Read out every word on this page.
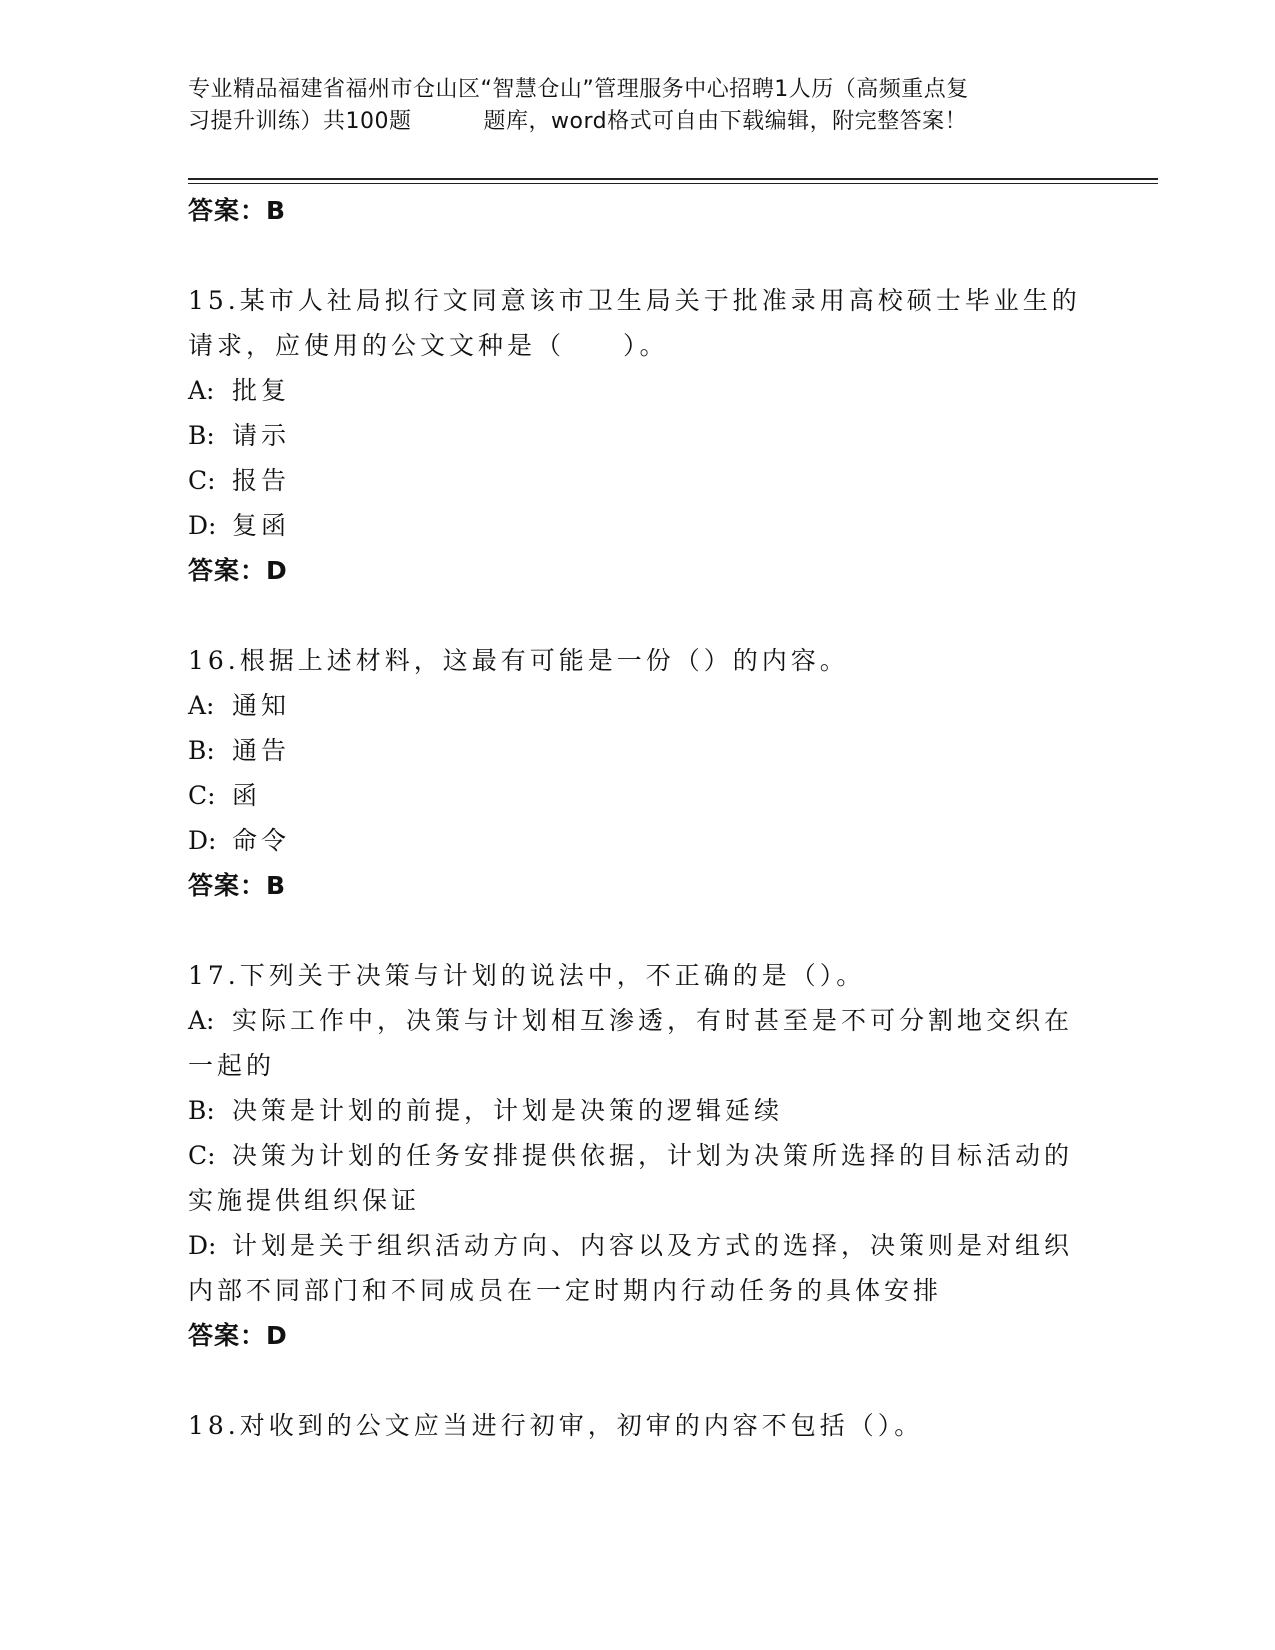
专业精品福建省福州市仓山区“智慧仓山”管理服务中心招聘1人历（高频重点复
习提升训练）共100题	题库，word格式可自由下载编辑，附完整答案！
答案：B
15.某市人社局拟行文同意该市卫生局关于批准录用高校硕士毕业生的
请求，应使用的公文文种是（　　）。
A: 批复
B: 请示
C: 报告
D: 复函
答案：D
16.根据上述材料，这最有可能是一份（）的内容。
A: 通知
B: 通告
C: 函
D: 命令
答案：B
17.下列关于决策与计划的说法中，不正确的是（）。
A: 实际工作中，决策与计划相互渗透，有时甚至是不可分割地交织在
一起的
B: 决策是计划的前提，计划是决策的逻辑延续
C: 决策为计划的任务安排提供依据，计划为决策所选择的目标活动的
实施提供组织保证
D: 计划是关于组织活动方向、内容以及方式的选择，决策则是对组织
内部不同部门和不同成员在一定时期内行动任务的具体安排
答案：D
18.对收到的公文应当进行初审，初审的内容不包括（）。
